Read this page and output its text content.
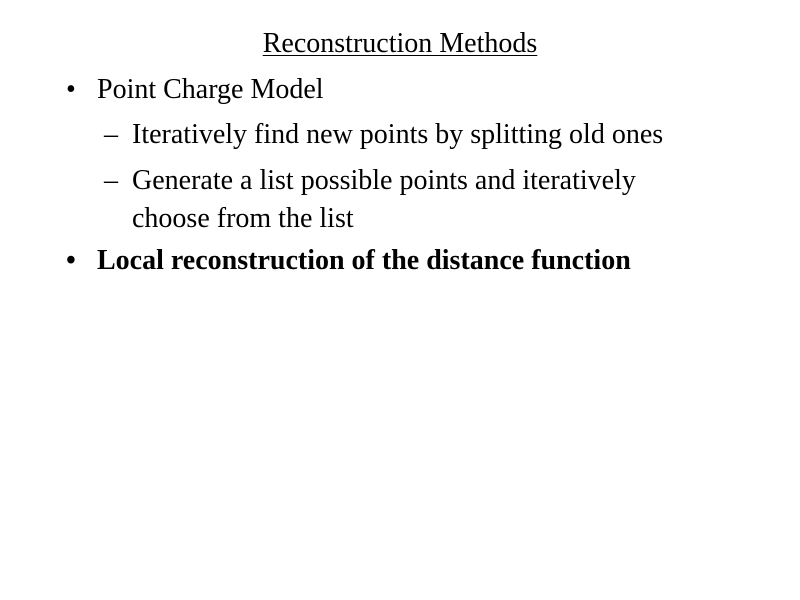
Reconstruction Methods
• Point Charge Model
– Iteratively find new points by splitting old ones
– Generate a list possible points and iteratively choose from the list
• Local reconstruction of the distance function
